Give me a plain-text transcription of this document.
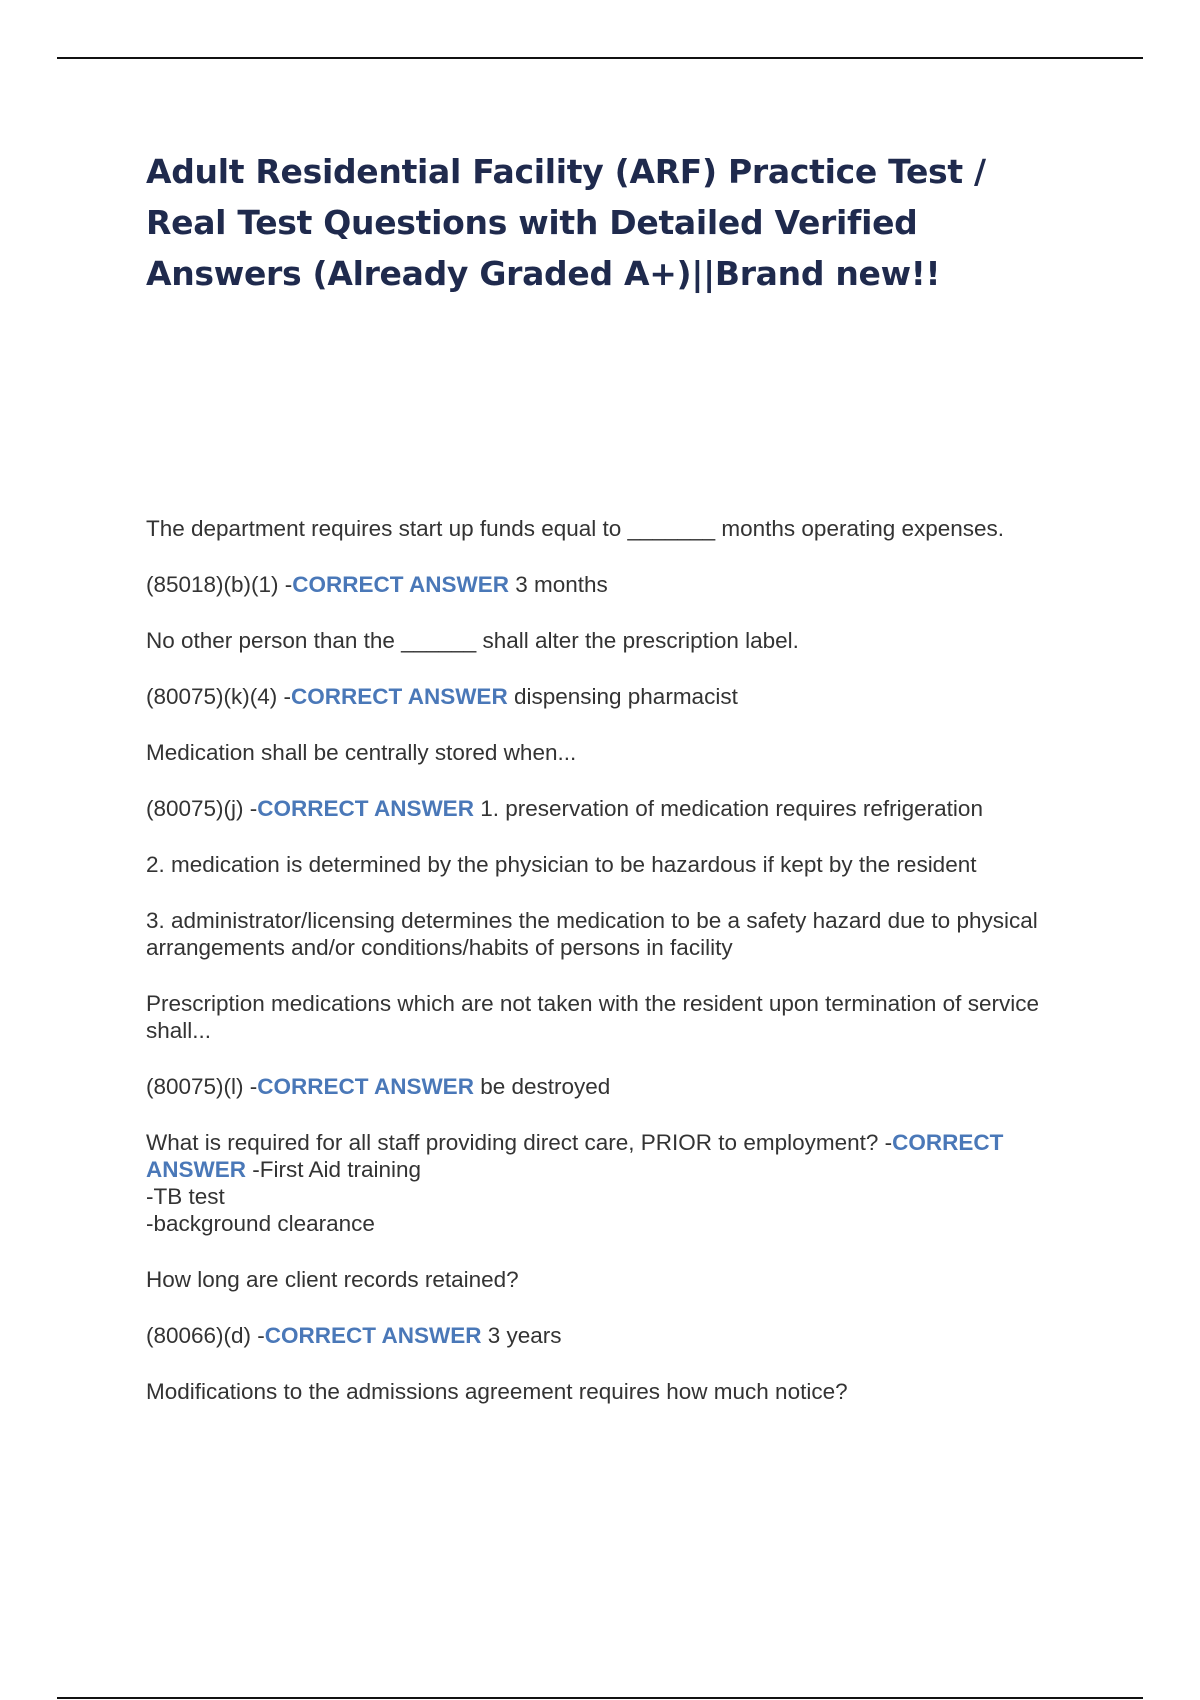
Adult Residential Facility (ARF) Practice Test / Real Test Questions with Detailed Verified Answers (Already Graded A+)||Brand new!!

The department requires start up funds equal to _______ months operating expenses.

(85018)(b)(1) -CORRECT ANSWER 3 months

No other person than the ______ shall alter the prescription label.

(80075)(k)(4) -CORRECT ANSWER dispensing pharmacist

Medication shall be centrally stored when...

(80075)(j) -CORRECT ANSWER 1. preservation of medication requires refrigeration

2. medication is determined by the physician to be hazardous if kept by the resident

3. administrator/licensing determines the medication to be a safety hazard due to physical arrangements and/or conditions/habits of persons in facility

Prescription medications which are not taken with the resident upon termination of service shall...

(80075)(l) -CORRECT ANSWER be destroyed

What is required for all staff providing direct care, PRIOR to employment? -CORRECT ANSWER -First Aid training
-TB test
-background clearance

How long are client records retained?

(80066)(d) -CORRECT ANSWER 3 years

Modifications to the admissions agreement requires how much notice?
